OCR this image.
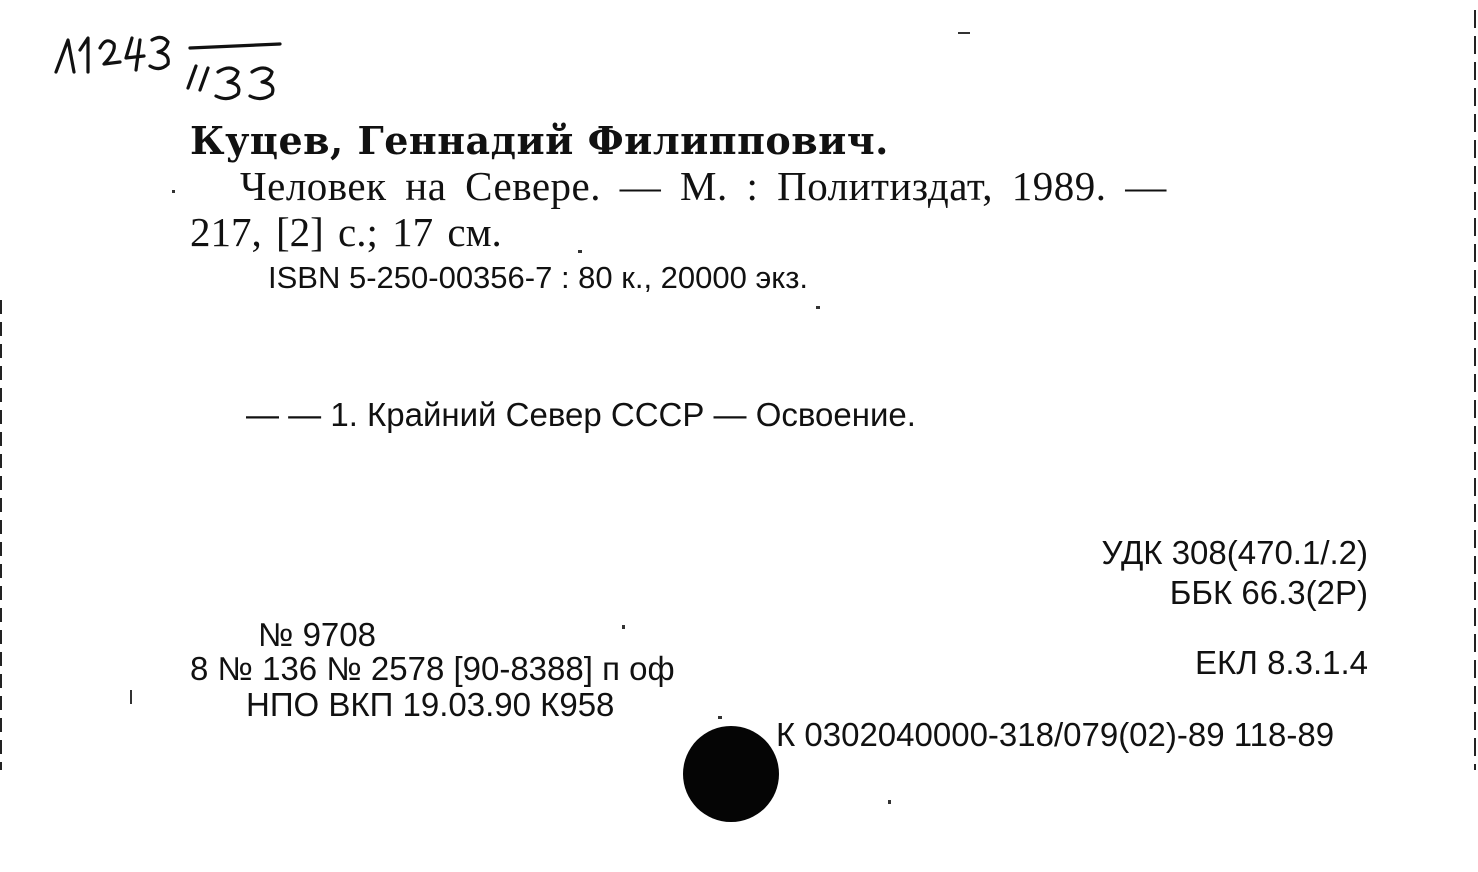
Куцев, Геннадий Филиппович.
Человек на Севере. — М. : Политиздат, 1989. —
217, [2] с.; 17 см.
ISBN 5-250-00356-7 : 80 к., 20000 экз.
— — 1. Крайний Север СССР — Освоение.
УДК 308(470.1/.2)
ББК 66.3(2Р)
ЕКЛ 8.3.1.4
№ 9708
8 № 136 № 2578 [90-8388] п оф
НПО ВКП 19.03.90 К958
К 0302040000-318/079(02)-89 118-89
